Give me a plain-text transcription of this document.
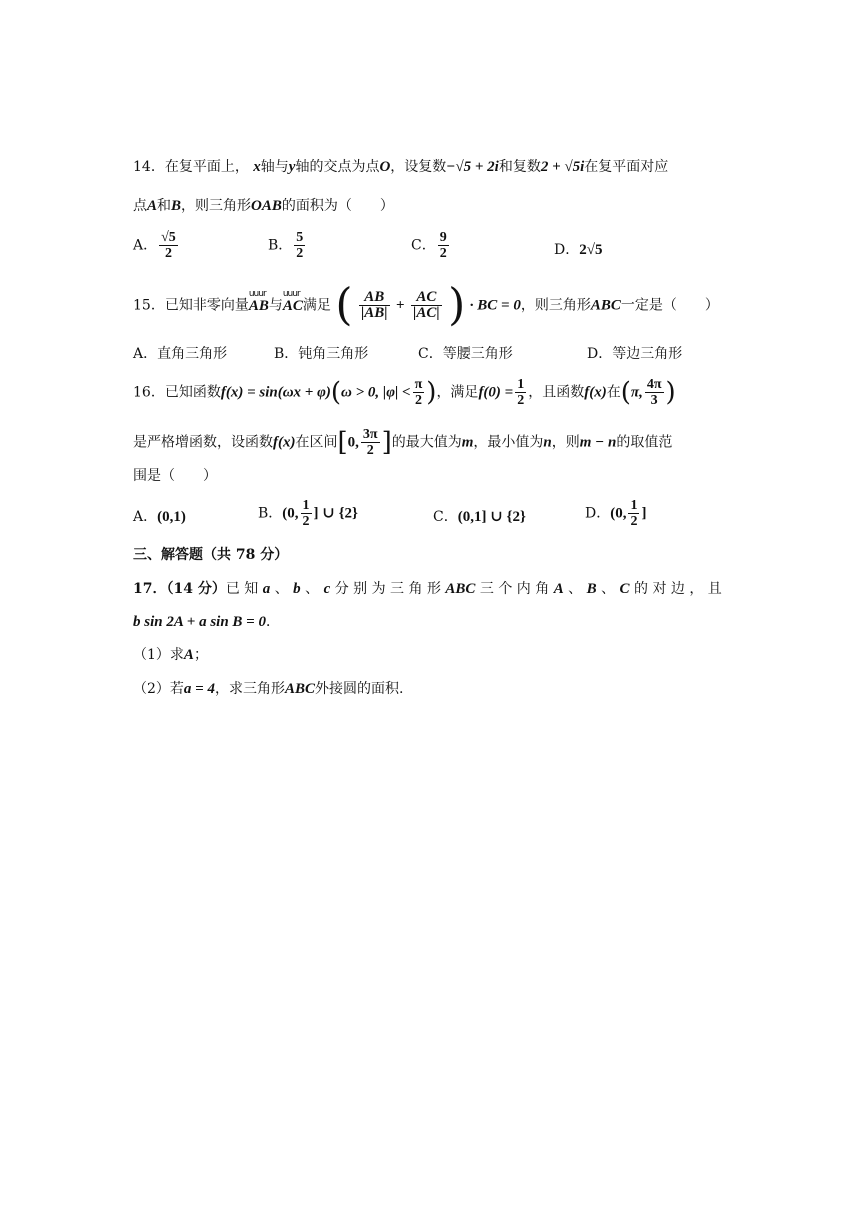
14．在复平面上， x轴与y轴的交点为点O，设复数−√5 + 2i和复数2 + √5i在复平面对应
点A和B，则三角形OAB的面积为（　　）
A． $\frac{√5}{2}$	B． $\frac{5}{2}$	C． $\frac{9}{2}$	D．2√5
15．已知非零向量
uuur
AB与
uuur
AC满足 ( $\frac{AB}{|AB|} + \frac{AC}{|AC|}$ ) · BC = 0，则三角形ABC一定是（　　）
A．直角三角形	B．钝角三角形	C．等腰三角形	D．等边三角形
16．已知函数f(x) = sin(ωx + φ)(ω > 0, $|\varphi| < \frac{\pi}{2}$ )，满足$f(0) = \frac{1}{2}$ ，且函数f(x)在(π, $\frac{4\pi}{3}$ )
是严格增函数，设函数f(x)在区间[0, $\frac{3\pi}{2}$ ]的最大值为m，最小值为n，则m − n的取值范
围是（　　）
A．(0,1)	B．(0, $\frac{1}{2}$ ] ∪ {2}	C．(0,1] ∪ {2}	D．(0, $\frac{1}{2}$ ]
三、解答题（共 78 分）
17．（14 分）已 知 a 、 b 、 c 分 别 为 三 角 形 ABC 三 个 内 角 A 、 B 、 C 的 对 边 ， 且
b sin 2A + a sin B = 0．
（1）求A；
（2）若a = 4，求三角形ABC外接圆的面积.
